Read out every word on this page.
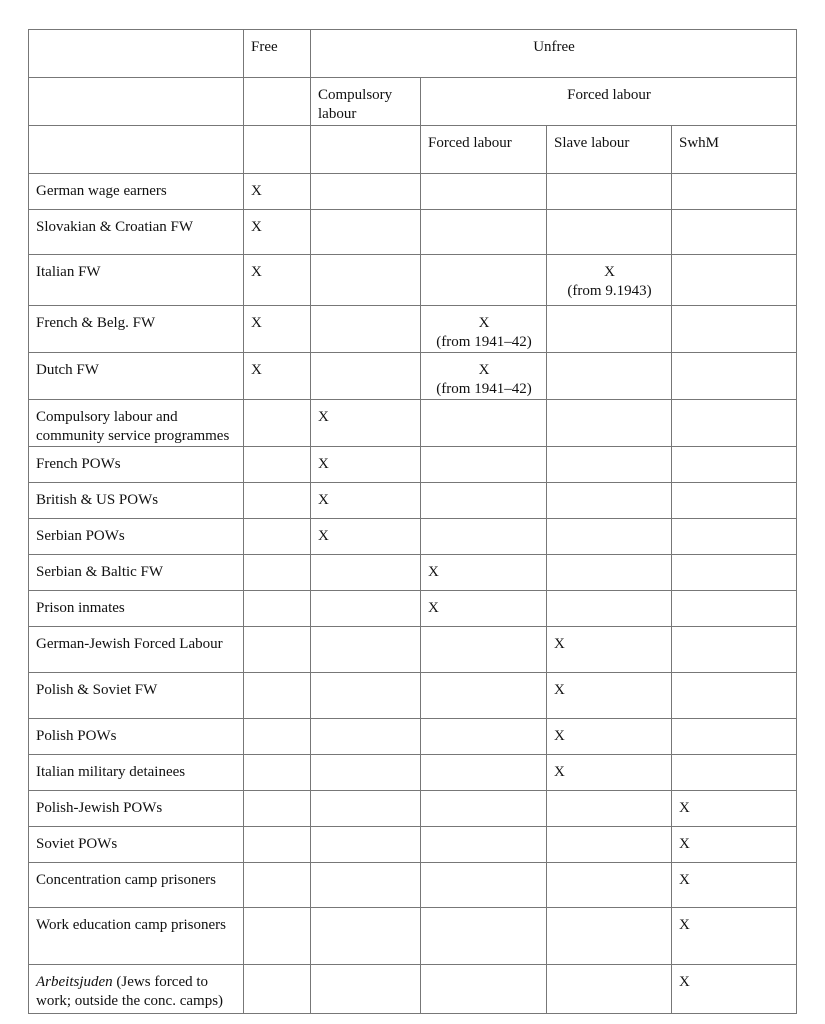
	Free	Unfree			
		Compulsory labour	Forced labour		
			Forced labour	Slave labour	SwhM
German wage earners	X				

Slovakian & Croatian FW	X				

Italian FW	X			X
(from 9.1943)	

French & Belg. FW	X		X
(from 1941–42)		

Dutch FW	X		X
(from 1941–42)		

Compulsory labour and community service programmes		X			

French POWs		X			

British & US POWs		X			

Serbian POWs		X			

Serbian & Baltic FW			X		

Prison inmates			X		

German-Jewish Forced Labour				X	

Polish & Soviet FW				X	

Polish POWs				X	

Italian military detainees				X	

Polish-Jewish POWs					X

Soviet POWs					X

Concentration camp prisoners					X

Work education camp prisoners					X

Arbeitsjuden (Jews forced to work; outside the conc. camps)					X
